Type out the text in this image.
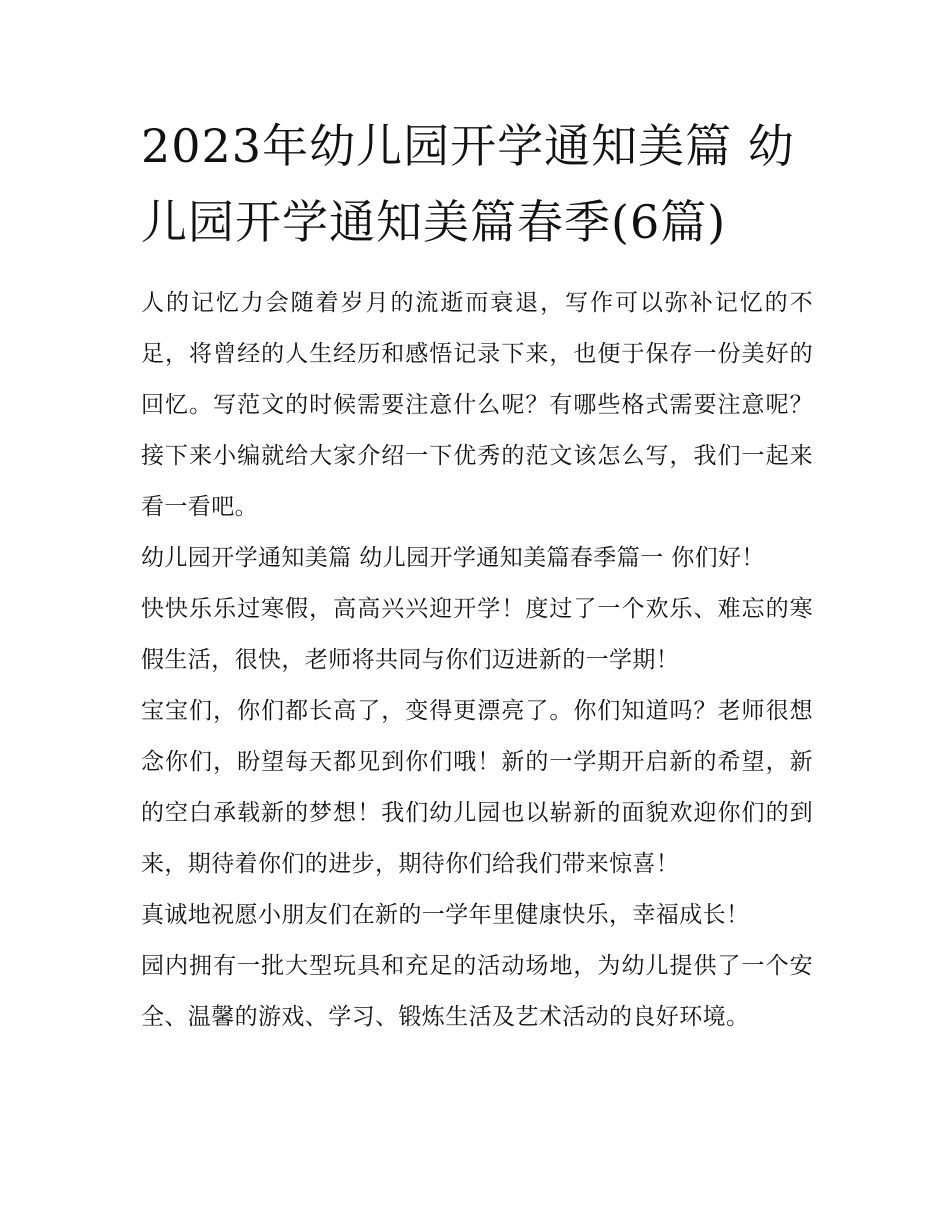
2023年幼儿园开学通知美篇 幼儿园开学通知美篇春季(6篇)

人的记忆力会随着岁月的流逝而衰退，写作可以弥补记忆的不足，将曾经的人生经历和感悟记录下来，也便于保存一份美好的回忆。写范文的时候需要注意什么呢？有哪些格式需要注意呢？接下来小编就给大家介绍一下优秀的范文该怎么写，我们一起来看一看吧。

幼儿园开学通知美篇 幼儿园开学通知美篇春季篇一 你们好！

快快乐乐过寒假，高高兴兴迎开学！度过了一个欢乐、难忘的寒假生活，很快，老师将共同与你们迈进新的一学期！

宝宝们，你们都长高了，变得更漂亮了。你们知道吗？老师很想念你们，盼望每天都见到你们哦！新的一学期开启新的希望，新的空白承载新的梦想！我们幼儿园也以崭新的面貌欢迎你们的到来，期待着你们的进步，期待你们给我们带来惊喜！

真诚地祝愿小朋友们在新的一学年里健康快乐，幸福成长！

园内拥有一批大型玩具和充足的活动场地，为幼儿提供了一个安全、温馨的游戏、学习、锻炼生活及艺术活动的良好环境。
